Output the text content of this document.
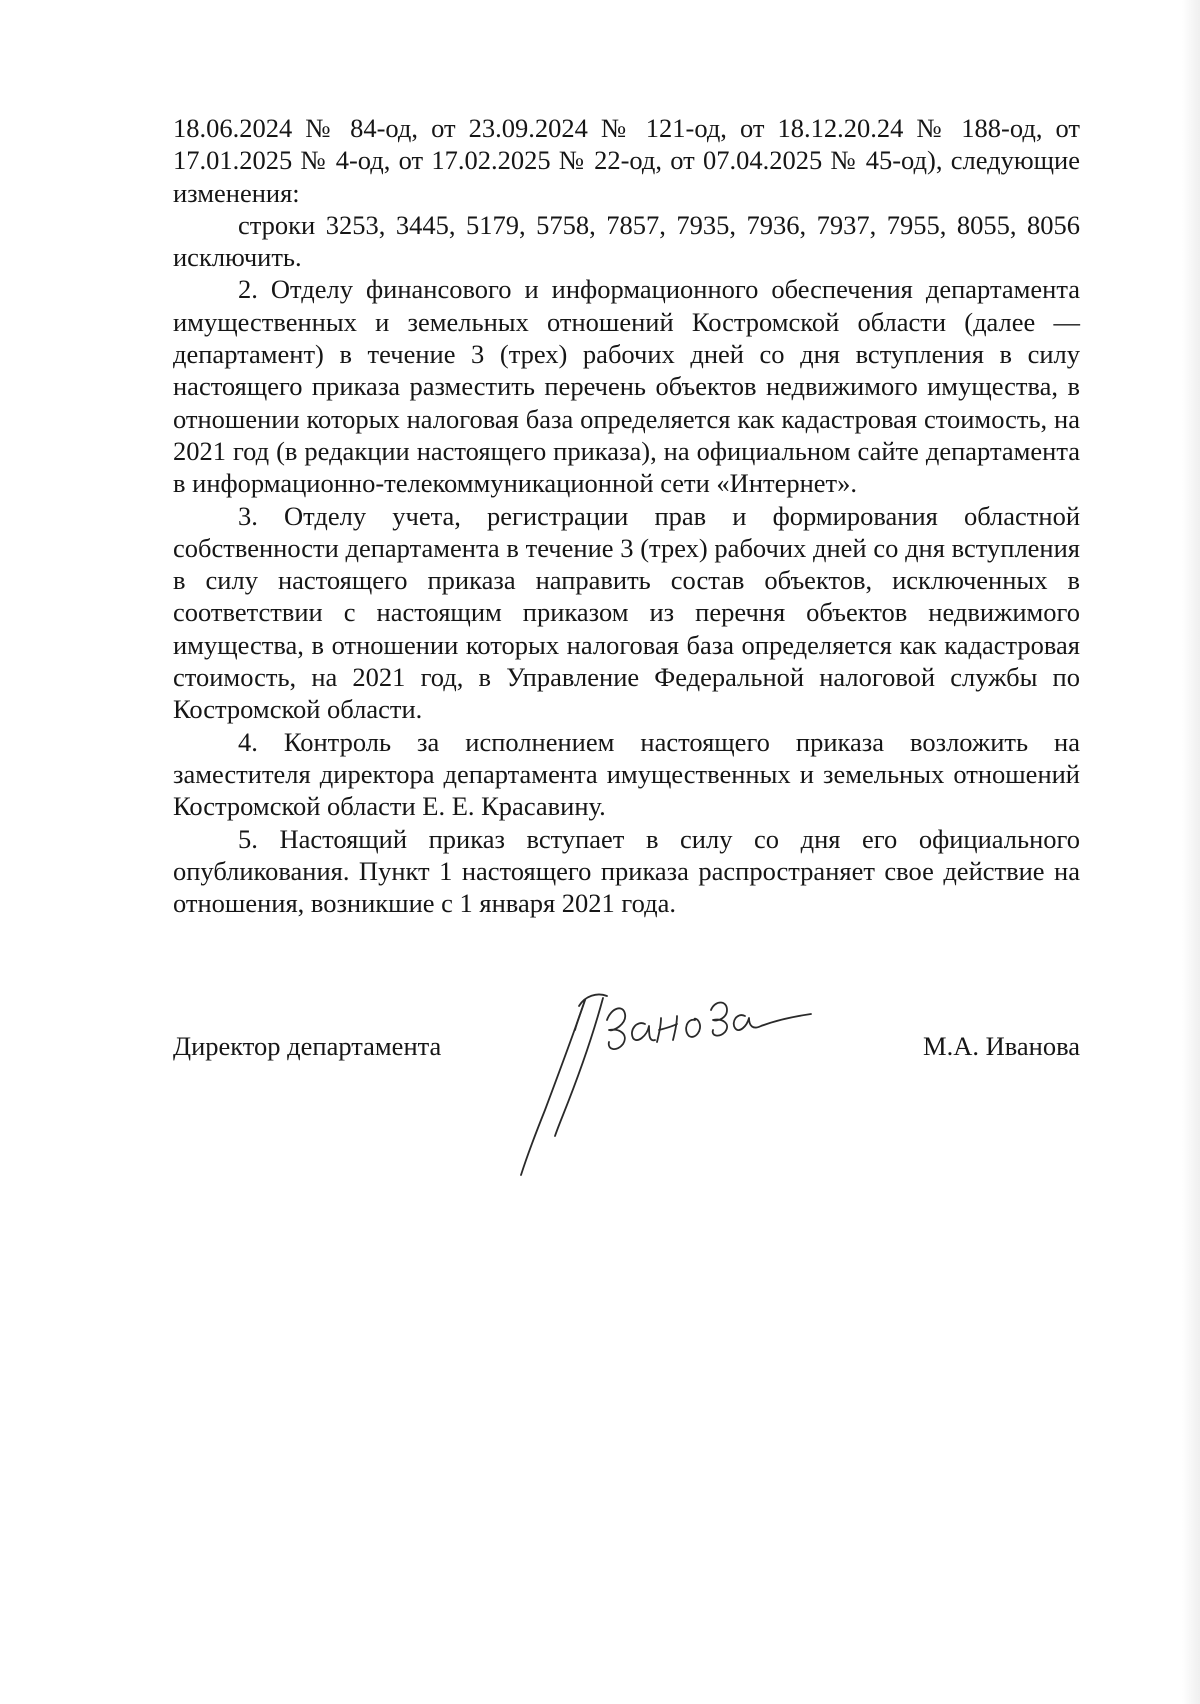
18.06.2024 № 84-од, от 23.09.2024 № 121-од, от 18.12.20.24 № 188-од, от 17.01.2025 № 4-од, от 17.02.2025 № 22-од, от 07.04.2025 № 45-од), следующие изменения:

строки 3253, 3445, 5179, 5758, 7857, 7935, 7936, 7937, 7955, 8055, 8056 исключить.

2. Отделу финансового и информационного обеспечения департамента имущественных и земельных отношений Костромской области (далее — департамент) в течение 3 (трех) рабочих дней со дня вступления в силу настоящего приказа разместить перечень объектов недвижимого имущества, в отношении которых налоговая база определяется как кадастровая стоимость, на 2021 год (в редакции настоящего приказа), на официальном сайте департамента в информационно-телекоммуникационной сети «Интернет».

3. Отделу учета, регистрации прав и формирования областной собственности департамента в течение 3 (трех) рабочих дней со дня вступления в силу настоящего приказа направить состав объектов, исключенных в соответствии с настоящим приказом из перечня объектов недвижимого имущества, в отношении которых налоговая база определяется как кадастровая стоимость, на 2021 год, в Управление Федеральной налоговой службы по Костромской области.

4. Контроль за исполнением настоящего приказа возложить на заместителя директора департамента имущественных и земельных отношений Костромской области Е. Е. Красавину.

5. Настоящий приказ вступает в силу со дня его официального опубликования. Пункт 1 настоящего приказа распространяет свое действие на отношения, возникшие с 1 января 2021 года.

Директор департамента	М.А. Иванова
